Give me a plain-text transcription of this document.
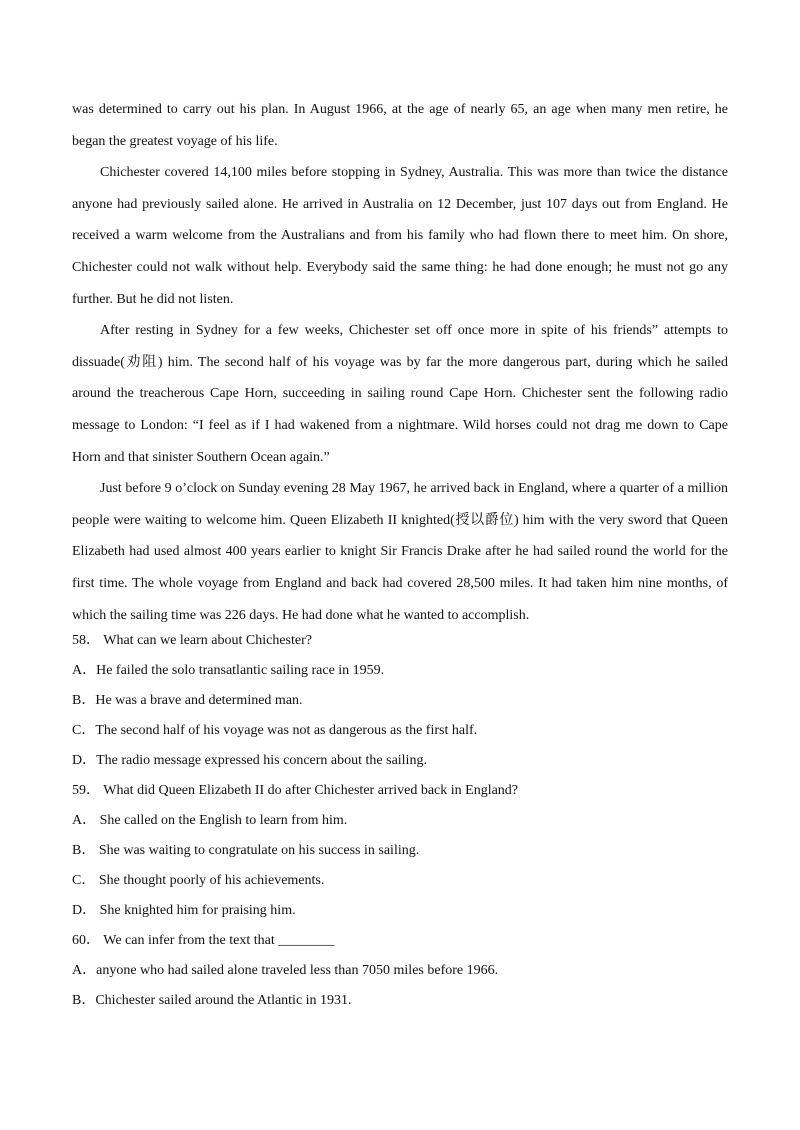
was determined to carry out his plan. In August 1966, at the age of nearly 65, an age when many men retire, he began the greatest voyage of his life.

Chichester covered 14,100 miles before stopping in Sydney, Australia. This was more than twice the distance anyone had previously sailed alone. He arrived in Australia on 12 December, just 107 days out from England. He received a warm welcome from the Australians and from his family who had flown there to meet him. On shore, Chichester could not walk without help. Everybody said the same thing: he had done enough; he must not go any further. But he did not listen.

After resting in Sydney for a few weeks, Chichester set off once more in spite of his friends” attempts to dissuade(劝阻) him. The second half of his voyage was by far the more dangerous part, during which he sailed around the treacherous Cape Horn, succeeding in sailing round Cape Horn. Chichester sent the following radio message to London: “I feel as if I had wakened from a nightmare. Wild horses could not drag me down to Cape Horn and that sinister Southern Ocean again.”

Just before 9 o’clock on Sunday evening 28 May 1967, he arrived back in England, where a quarter of a million people were waiting to welcome him. Queen Elizabeth II knighted(授以爵位) him with the very sword that Queen Elizabeth had used almost 400 years earlier to knight Sir Francis Drake after he had sailed round the world for the first time. The whole voyage from England and back had covered 28,500 miles. It had taken him nine months, of which the sailing time was 226 days. He had done what he wanted to accomplish.

58． What can we learn about Chichester?

A．He failed the solo transatlantic sailing race in 1959.

B．He was a brave and determined man.

C．The second half of his voyage was not as dangerous as the first half.

D．The radio message expressed his concern about the sailing.

59． What did Queen Elizabeth II do after Chichester arrived back in England?

A． She called on the English to learn from him.

B． She was waiting to congratulate on his success in sailing.

C． She thought poorly of his achievements.

D． She knighted him for praising him.

60． We can infer from the text that ________

A．anyone who had sailed alone traveled less than 7050 miles before 1966.

B．Chichester sailed around the Atlantic in 1931.
